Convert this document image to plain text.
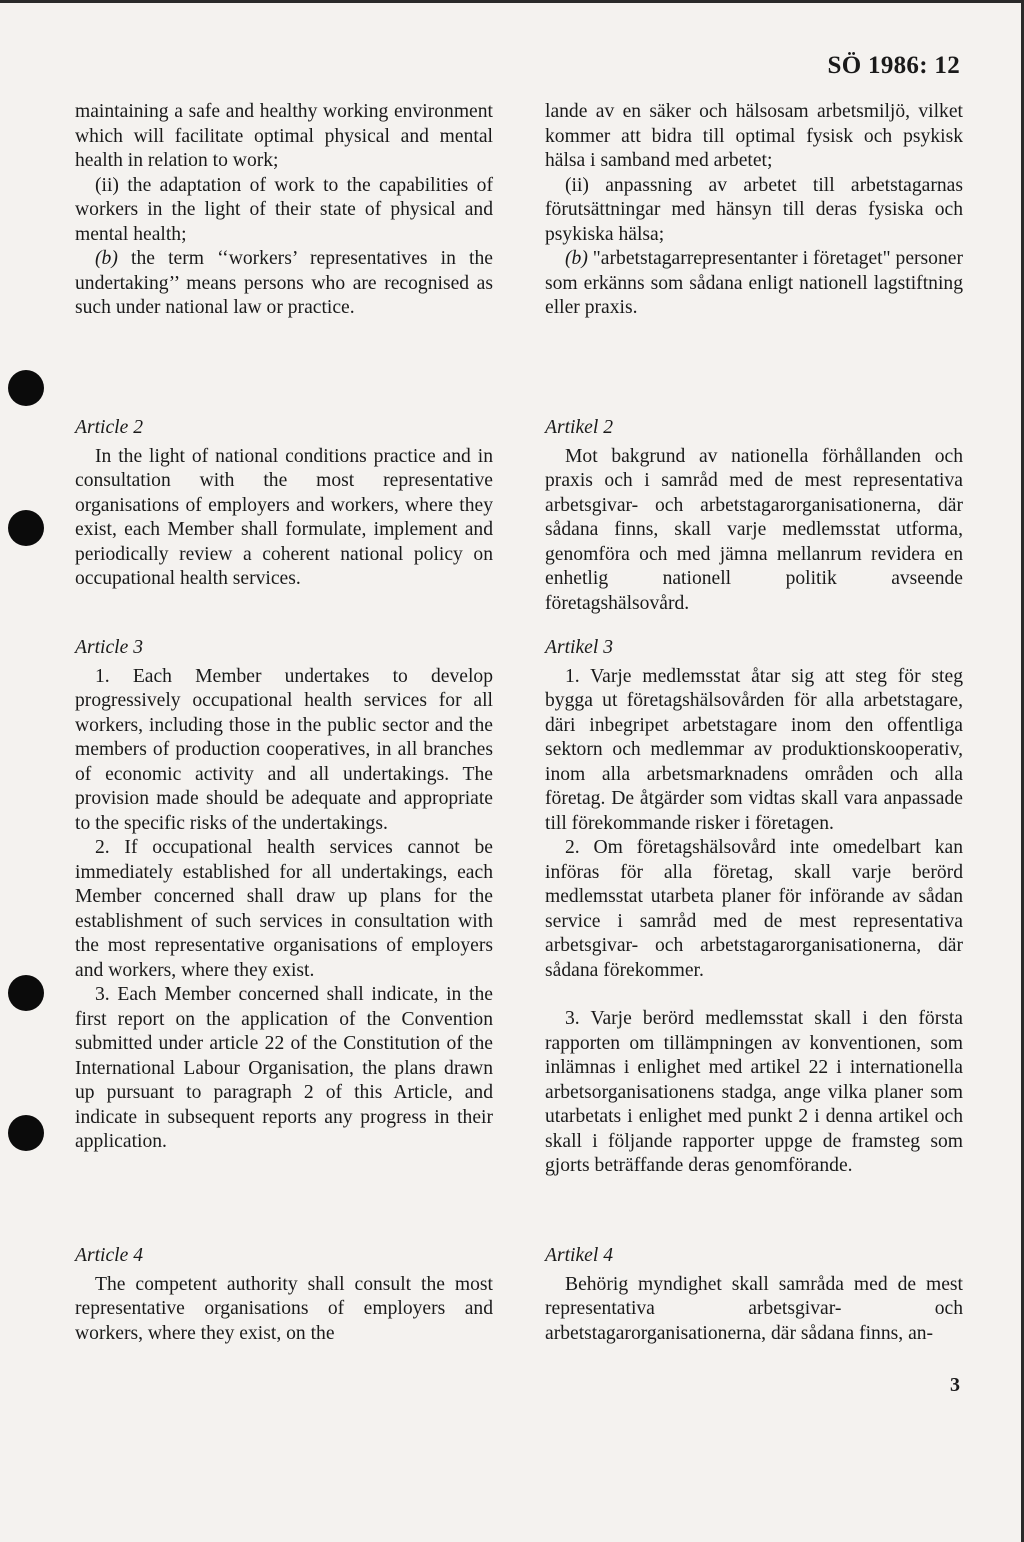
SÖ 1986: 12

maintaining a safe and healthy working environment which will facilitate optimal physical and mental health in relation to work;

(ii) the adaptation of work to the capabilities of workers in the light of their state of physical and mental health;

(b) the term ‘‘workers’ representatives in the undertaking’’ means persons who are recognised as such under national law or practice.

Article 2

In the light of national conditions practice and in consultation with the most representative organisations of employers and workers, where they exist, each Member shall formulate, implement and periodically review a coherent national policy on occupational health services.

Article 3

1. Each Member undertakes to develop progressively occupational health services for all workers, including those in the public sector and the members of production cooperatives, in all branches of economic activity and all undertakings. The provision made should be adequate and appropriate to the specific risks of the undertakings.

2. If occupational health services cannot be immediately established for all undertakings, each Member concerned shall draw up plans for the establishment of such services in consultation with the most representative organisations of employers and workers, where they exist.

3. Each Member concerned shall indicate, in the first report on the application of the Convention submitted under article 22 of the Constitution of the International Labour Organisation, the plans drawn up pursuant to paragraph 2 of this Article, and indicate in subsequent reports any progress in their application.

Article 4

The competent authority shall consult the most representative organisations of employers and workers, where they exist, on the

lande av en säker och hälsosam arbetsmiljö, vilket kommer att bidra till optimal fysisk och psykisk hälsa i samband med arbetet;

(ii) anpassning av arbetet till arbetstagarnas förutsättningar med hänsyn till deras fysiska och psykiska hälsa;

(b) "arbetstagarrepresentanter i företaget" personer som erkänns som sådana enligt nationell lagstiftning eller praxis.

Artikel 2

Mot bakgrund av nationella förhållanden och praxis och i samråd med de mest representativa arbetsgivar- och arbetstagarorganisationerna, där sådana finns, skall varje medlemsstat utforma, genomföra och med jämna mellanrum revidera en enhetlig nationell politik avseende företagshälsovård.

Artikel 3

1. Varje medlemsstat åtar sig att steg för steg bygga ut företagshälsovården för alla arbetstagare, däri inbegripet arbetstagare inom den offentliga sektorn och medlemmar av produktionskooperativ, inom alla arbetsmarknadens områden och alla företag. De åtgärder som vidtas skall vara anpassade till förekommande risker i företagen.

2. Om företagshälsovård inte omedelbart kan införas för alla företag, skall varje berörd medlemsstat utarbeta planer för införande av sådan service i samråd med de mest representativa arbetsgivar- och arbetstagarorganisationerna, där sådana förekommer.

3. Varje berörd medlemsstat skall i den första rapporten om tillämpningen av konventionen, som inlämnas i enlighet med artikel 22 i internationella arbetsorganisationens stadga, ange vilka planer som utarbetats i enlighet med punkt 2 i denna artikel och skall i följande rapporter uppge de framsteg som gjorts beträffande deras genomförande.

Artikel 4

Behörig myndighet skall samråda med de mest representativa arbetsgivar- och arbetstagarorganisationerna, där sådana finns, an-

3
